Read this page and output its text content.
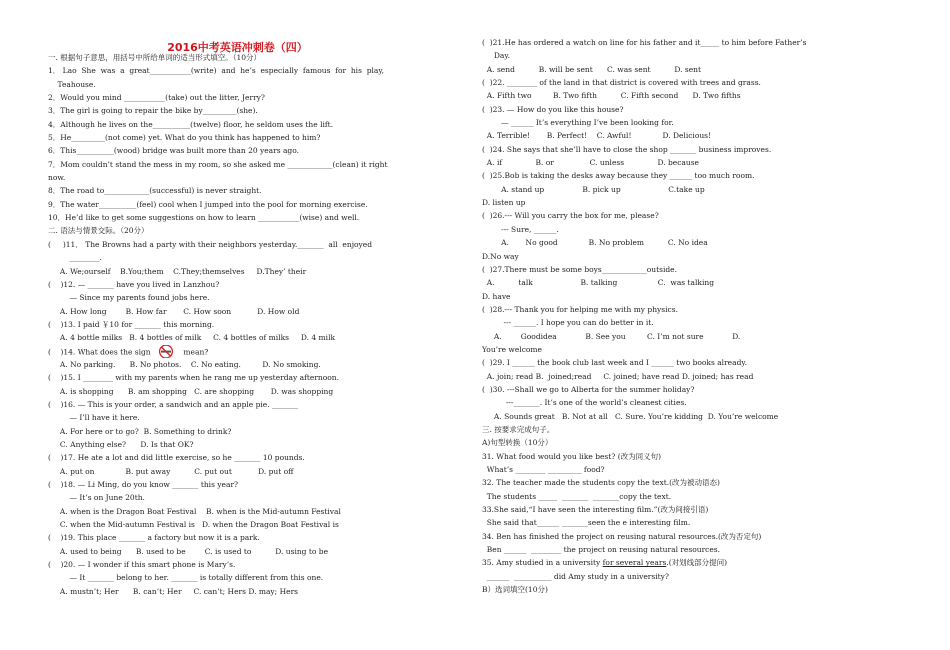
2016中考英语冲刺卷（四）
一. 根据句子意思，用括号中所给单词的适当形式填空。（10分）
1． Lao  She  was  a  great___________(write)  and  he’s  especially  famous  for  his  play,
Teahouse.
2．Would you mind ___________(take) out the litter, Jerry?
3．The girl is going to repair the bike by_________(she).
4．Although he lives on the__________(twelve) floor, he seldom uses the lift.
5．He_________(not come) yet. What do you think has happened to him?
6．This__________(wood) bridge was built more than 20 years ago.
7．Mom couldn’t stand the mess in my room, so she asked me ____________(clean) it right
now.
8．The road to____________(successful) is never straight.
9．The water__________(feel) cool when I jumped into the pool for morning exercise.
10．He’d like to get some suggestions on how to learn ___________(wise) and well.
二. 语法与情景交际。（20分）
(     )11． The Browns had a party with their neighbors yesterday._______  all  enjoyed
________.
A. We;ourself    B.You;them    C.They;themselves     D.They’ their
(    )12. — _______ have you lived in Lanzhou?
— Since my parents found jobs here.
A. How long        B. How far       C. How soon           D. How old
(    )13. I paid ￥10 for _______ this morning.
A. 4 bottle milks   B. 4 bottles of milk     C. 4 bottles of milks     D. 4 milk
(    )14. What does the sign	mean?
A. No parking.      B. No photos.    C. No eating.         D. No smoking.
(    )15. I ________ with my parents when he rang me up yesterday afternoon.
A. is shopping      B. am shopping   C. are shopping       D. was shopping
(    )16. — This is your order, a sandwich and an apple pie. _______
— I’ll have it here.
A. For here or to go?  B. Something to drink?
C. Anything else?      D. Is that OK?
(    )17. He ate a lot and did little exercise, so he _______ 10 pounds.
A. put on             B. put away          C. put out           D. put off
(    )18. — Li Ming, do you know _______ this year?
— It’s on June 20th.
A. when is the Dragon Boat Festival    B. when is the Mid-autumn Festival
C. when the Mid-autumn Festival is   D. when the Dragon Boat Festival is
(    )19. This place _______ a factory but now it is a park.
A. used to being      B. used to be        C. is used to          D. using to be
(    )20. — I wonder if this smart phone is Mary’s.
— It _______ belong to her. _______ is totally different from this one.
A. mustn’t; Her      B. can’t; Her     C. can’t; Hers D. may; Hers
(  )21.He has ordered a watch on line for his father and it_____ to him before Father’s
Day.
A. send          B. will be sent      C. was sent          D. sent
(  )22. ________ of the land in that district is covered with trees and grass.
A. Fifth two         B. Two fifth          C. Fifth second      D. Two fifths
(  )23. — How do you like this house?
— ______ It’s everything I’ve been looking for.
A. Terrible!       B. Perfect!    C. Awful!             D. Delicious!
(  )24. She says that she’ll have to close the shop _______ business improves.
A. if              B. or               C. unless              D. because
(  )25.Bob is taking the desks away because they ______ too much room.
A. stand up                B. pick up                    C.take up
D. listen up
(  )26.--- Will you carry the box for me, please?
--- Sure, ______.
A.       No good             B. No problem          C. No idea
D.No way
(  )27.There must be some boys____________outside.
A.          talk                    B. talking                 C.  was talking
D. have
(  )28.--- Thank you for helping me with my physics.
--- ______. I hope you can do better in it.
A.        Goodidea            B. See you         C. I’m not sure            D.
You’re welcome
(  )29. I ______ the book club last week and I ______ two books already.
A. join; read B.  joined;read     C. joined; have read D. joined; has read
(  )30. ---Shall we go to Alberta for the summer holiday?
---_______. It’s one of the world’s cleanest cities.
A. Sounds great   B. Not at all   C. Sure. You’re kidding  D. You’re welcome
三. 按要求完成句子。
A)句型转换（10分）
31. What food would you like best? (改为同义句)
What’s ________ _________ food?
32. The teacher made the students copy the text.(改为被动语态)
The students _____  _______  _______copy the text.
33.She said,“I have seen the interesting film.”(改为间接引语)
She said that______ _______seen the e interesting film.
34. Ben has finished the project on reusing natural resources.(改为否定句)
Ben ______  ________ the project on reusing natural resources.
35. Amy studied in a university for several years.(对划线部分提问)
______  __________ did Amy study in a university?
B）选词填空(10分)
